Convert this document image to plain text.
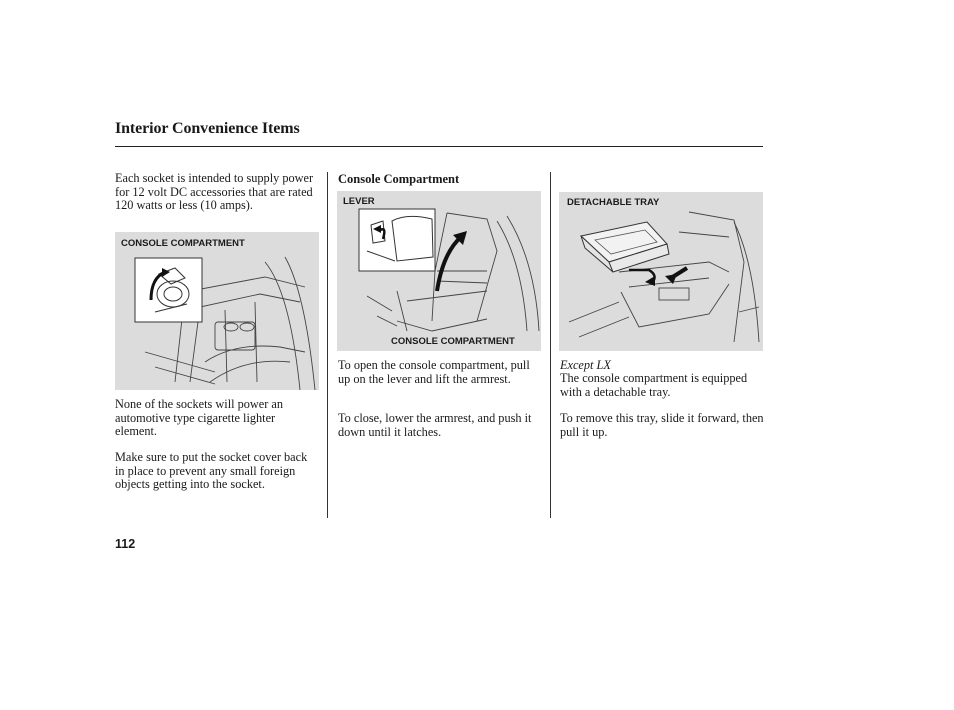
Interior Convenience Items

Each socket is intended to supply power for 12 volt DC accessories that are rated 120 watts or less (10 amps).

CONSOLE COMPARTMENT

None of the sockets will power an automotive type cigarette lighter element.

Make sure to put the socket cover back in place to prevent any small foreign objects getting into the socket.

Console Compartment
LEVER
CONSOLE COMPARTMENT

To open the console compartment, pull up on the lever and lift the armrest.

To close, lower the armrest, and push it down until it latches.

DETACHABLE TRAY
Except LX

The console compartment is equipped with a detachable tray.

To remove this tray, slide it forward, then pull it up.

112
